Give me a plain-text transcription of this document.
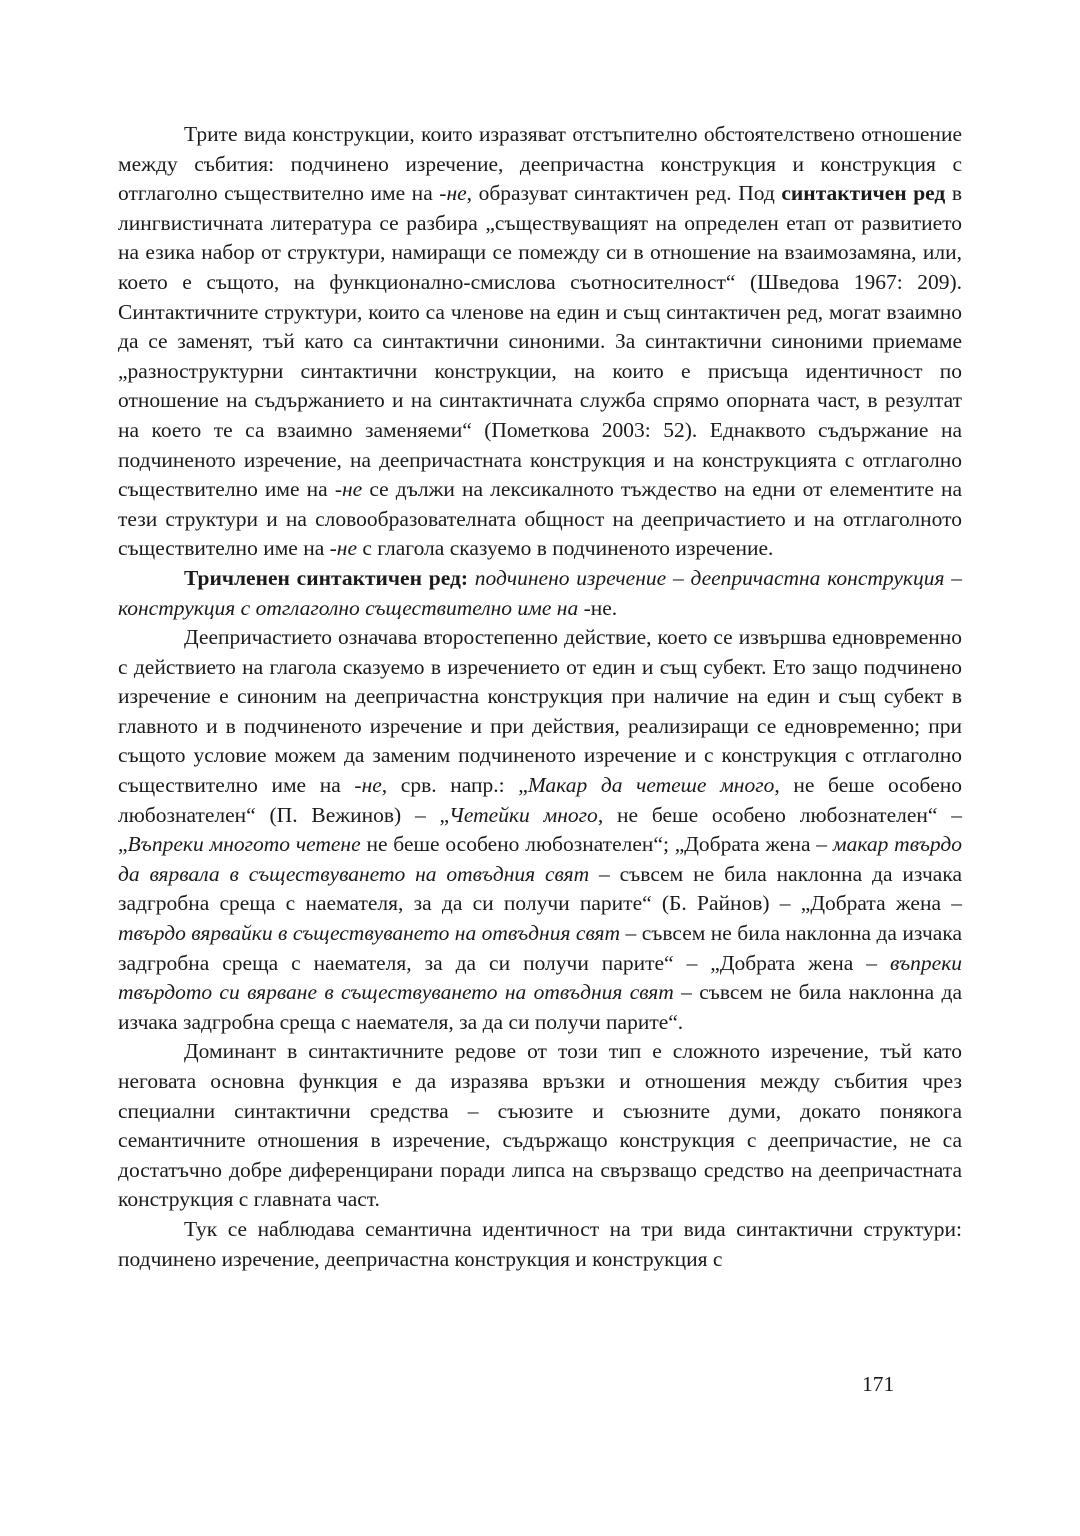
Трите вида конструкции, които изразяват отстъпително обстоятелствено отношение между събития: подчинено изречение, деепричастна конструкция и конструкция с отглаголно съществително име на -не, образуват синтактичен ред. Под синтактичен ред в лингвистичната литература се разбира „съществуващият на определен етап от развитието на езика набор от структури, намиращи се помежду си в отношение на взаимозамяна, или, което е същото, на функционално-смислова съотносителност“ (Шведова 1967: 209). Синтактичните структури, които са членове на един и същ синтактичен ред, могат взаимно да се заменят, тъй като са синтактични синоними. За синтактични синоними приемаме „разноструктурни синтактични конструкции, на които е присъща идентичност по отношение на съдържанието и на синтактичната служба спрямо опорната част, в резултат на което те са взаимно заменяеми“ (Пометкова 2003: 52). Еднаквото съдържание на подчиненото изречение, на деепричастната конструкция и на конструкцията с отглаголно съществително име на -не се дължи на лексикалното тъждество на едни от елементите на тези структури и на словообразователната общност на деепричастието и на отглаголното съществително име на -не с глагола сказуемо в подчиненото изречение.

Тричленен синтактичен ред: подчинено изречение – деепричастна конструкция – конструкция с отглаголно съществително име на -не.

Деепричастието означава второстепенно действие, което се извършва едновременно с действието на глагола сказуемо в изречението от един и същ субект. Ето защо подчинено изречение е синоним на деепричастна конструкция при наличие на един и същ субект в главното и в подчиненото изречение и при действия, реализиращи се едновременно; при същото условие можем да заменим подчиненото изречение и с конструкция с отглаголно съществително име на -не, срв. напр.: „Макар да четеше много, не беше особено любознателен“ (П. Вежинов) – „Четейки много, не беше особено любознателен“ – „Въпреки многото четене не беше особено любознателен“; „Добрата жена – макар твърдо да вярвала в съществуването на отвъдния свят – съвсем не била наклонна да изчака задгробна среща с наемателя, за да си получи парите“ (Б. Райнов) – „Добрата жена – твърдо вярвайки в съществуването на отвъдния свят – съвсем не била наклонна да изчака задгробна среща с наемателя, за да си получи парите“ – „Добрата жена – въпреки твърдото си вярване в съществуването на отвъдния свят – съвсем не била наклонна да изчака задгробна среща с наемателя, за да си получи парите“.

Доминант в синтактичните редове от този тип е сложното изречение, тъй като неговата основна функция е да изразява връзки и отношения между събития чрез специални синтактични средства – съюзите и съюзните думи, докато понякога семантичните отношения в изречение, съдържащо конструкция с деепричастие, не са достатъчно добре диференцирани поради липса на свързващо средство на деепричастната конструкция с главната част.

Тук се наблюдава семантична идентичност на три вида синтактични структури: подчинено изречение, деепричастна конструкция и конструкция с

171
